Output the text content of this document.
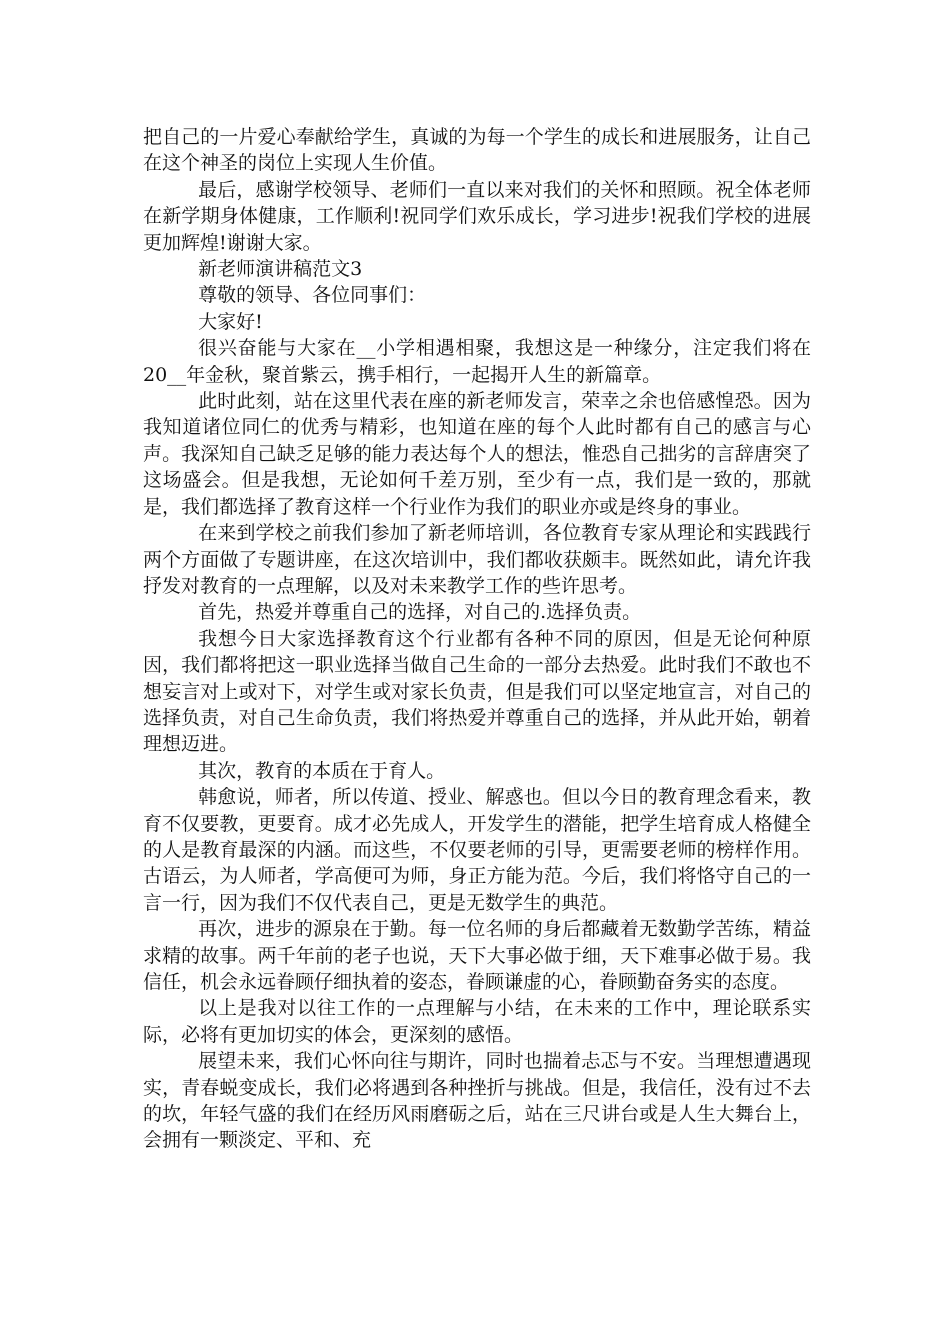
把自己的一片爱心奉献给学生，真诚的为每一个学生的成长和进展服务，让自己在这个神圣的岗位上实现人生价值。

最后，感谢学校领导、老师们一直以来对我们的关怀和照顾。祝全体老师在新学期身体健康，工作顺利!祝同学们欢乐成长，学习进步!祝我们学校的进展更加辉煌!谢谢大家。

新老师演讲稿范文3

尊敬的领导、各位同事们：

大家好!

很兴奋能与大家在__小学相遇相聚，我想这是一种缘分，注定我们将在20__年金秋，聚首紫云，携手相行，一起揭开人生的新篇章。

此时此刻，站在这里代表在座的新老师发言，荣幸之余也倍感惶恐。因为我知道诸位同仁的优秀与精彩，也知道在座的每个人此时都有自己的感言与心声。我深知自己缺乏足够的能力表达每个人的想法，惟恐自己拙劣的言辞唐突了这场盛会。但是我想，无论如何千差万别，至少有一点，我们是一致的，那就是，我们都选择了教育这样一个行业作为我们的职业亦或是终身的事业。

在来到学校之前我们参加了新老师培训，各位教育专家从理论和实践践行两个方面做了专题讲座，在这次培训中，我们都收获颇丰。既然如此，请允许我抒发对教育的一点理解，以及对未来教学工作的些许思考。

首先，热爱并尊重自己的选择，对自己的.选择负责。

我想今日大家选择教育这个行业都有各种不同的原因，但是无论何种原因，我们都将把这一职业选择当做自己生命的一部分去热爱。此时我们不敢也不想妄言对上或对下，对学生或对家长负责，但是我们可以坚定地宣言，对自己的选择负责，对自己生命负责，我们将热爱并尊重自己的选择，并从此开始，朝着理想迈进。

其次，教育的本质在于育人。

韩愈说，师者，所以传道、授业、解惑也。但以今日的教育理念看来，教育不仅要教，更要育。成才必先成人，开发学生的潜能，把学生培育成人格健全的人是教育最深的内涵。而这些，不仅要老师的引导，更需要老师的榜样作用。古语云，为人师者，学高便可为师，身正方能为范。今后，我们将恪守自己的一言一行，因为我们不仅代表自己，更是无数学生的典范。

再次，进步的源泉在于勤。每一位名师的身后都藏着无数勤学苦练，精益求精的故事。两千年前的老子也说，天下大事必做于细，天下难事必做于易。我信任，机会永远眷顾仔细执着的姿态，眷顾谦虚的心，眷顾勤奋务实的态度。

以上是我对以往工作的一点理解与小结，在未来的工作中，理论联系实际，必将有更加切实的体会，更深刻的感悟。

展望未来，我们心怀向往与期许，同时也揣着忐忑与不安。当理想遭遇现实，青春蜕变成长，我们必将遇到各种挫折与挑战。但是，我信任，没有过不去的坎，年轻气盛的我们在经历风雨磨砺之后，站在三尺讲台或是人生大舞台上，会拥有一颗淡定、平和、充
